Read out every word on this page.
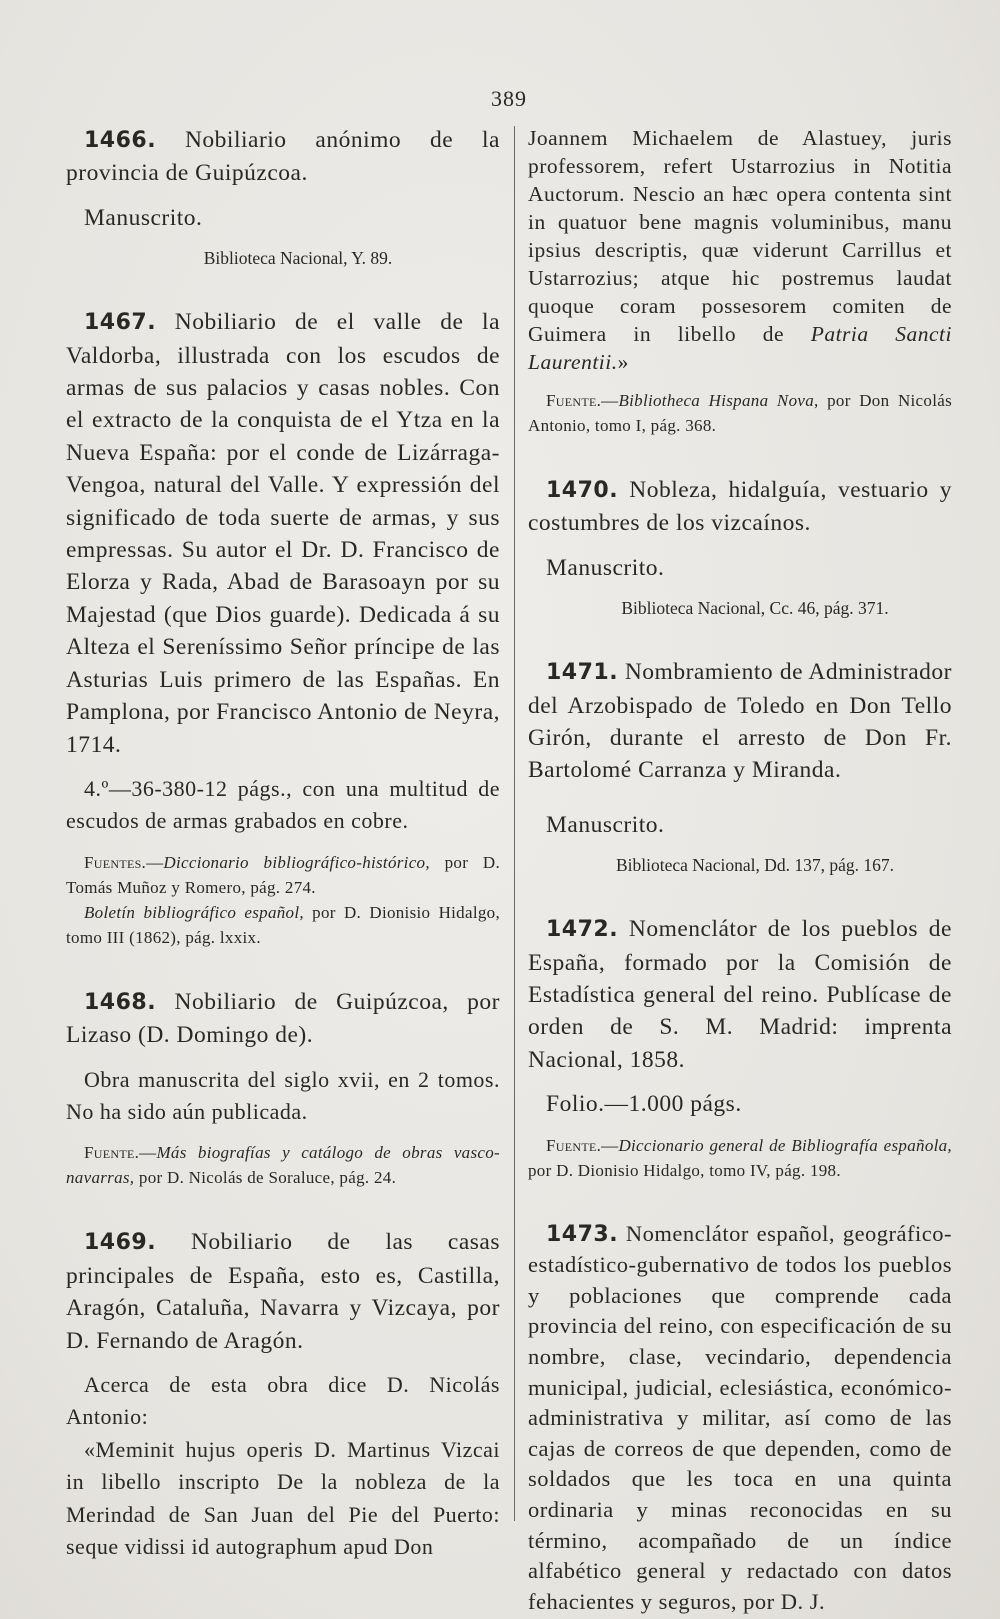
389

1466. Nobiliario anónimo de la provincia de Guipúzcoa.

Manuscrito.

Biblioteca Nacional, Y. 89.

1467. Nobiliario de el valle de la Valdorba, illustrada con los escudos de armas de sus palacios y casas nobles. Con el extracto de la conquista de el Ytza en la Nueva España: por el conde de Lizárraga-Vengoa, natural del Valle. Y expressión del significado de toda suerte de armas, y sus empressas. Su autor el Dr. D. Francisco de Elorza y Rada, Abad de Barasoayn por su Majestad (que Dios guarde). Dedicada á su Alteza el Sereníssimo Señor príncipe de las Asturias Luis primero de las Españas. En Pamplona, por Francisco Antonio de Neyra, 1714.

4.º—36-380-12 págs., con una multitud de escudos de armas grabados en cobre.

Fuentes.—Diccionario bibliográfico-histórico, por D. Tomás Muñoz y Romero, pág. 274.

Boletín bibliográfico español, por D. Dionisio Hidalgo, tomo III (1862), pág. lxxix.

1468. Nobiliario de Guipúzcoa, por Lizaso (D. Domingo de).

Obra manuscrita del siglo xvii, en 2 tomos. No ha sido aún publicada.

Fuente.—Más biografías y catálogo de obras vasco-navarras, por D. Nicolás de Soraluce, pág. 24.

1469. Nobiliario de las casas principales de España, esto es, Castilla, Aragón, Cataluña, Navarra y Vizcaya, por D. Fernando de Aragón.

Acerca de esta obra dice D. Nicolás Antonio:

«Meminit hujus operis D. Martinus Vizcai in libello inscripto De la nobleza de la Merindad de San Juan del Pie del Puerto: seque vidissi id autographum apud Don

Joannem Michaelem de Alastuey, juris professorem, refert Ustarrozius in Notitia Auctorum. Nescio an hæc opera contenta sint in quatuor bene magnis voluminibus, manu ipsius descriptis, quæ viderunt Carrillus et Ustarrozius; atque hic postremus laudat quoque coram possesorem comiten de Guimera in libello de Patria Sancti Laurentii.»

Fuente.—Bibliotheca Hispana Nova, por Don Nicolás Antonio, tomo I, pág. 368.

1470. Nobleza, hidalguía, vestuario y costumbres de los vizcaínos.

Manuscrito.

Biblioteca Nacional, Cc. 46, pág. 371.

1471. Nombramiento de Administrador del Arzobispado de Toledo en Don Tello Girón, durante el arresto de Don Fr. Bartolomé Carranza y Miranda.

Manuscrito.

Biblioteca Nacional, Dd. 137, pág. 167.

1472. Nomenclátor de los pueblos de España, formado por la Comisión de Estadística general del reino. Publícase de orden de S. M. Madrid: imprenta Nacional, 1858.

Folio.—1.000 págs.

Fuente.—Diccionario general de Bibliografía española, por D. Dionisio Hidalgo, tomo IV, pág. 198.

1473. Nomenclátor español, geográfico-estadístico-gubernativo de todos los pueblos y poblaciones que comprende cada provincia del reino, con especificación de su nombre, clase, vecindario, dependencia municipal, judicial, eclesiástica, económico-administrativa y militar, así como de las cajas de correos de que dependen, como de soldados que les toca en una quinta ordinaria y minas reconocidas en su término, acompañado de un índice alfabético general y redactado con datos fehacientes y seguros, por D. J.
